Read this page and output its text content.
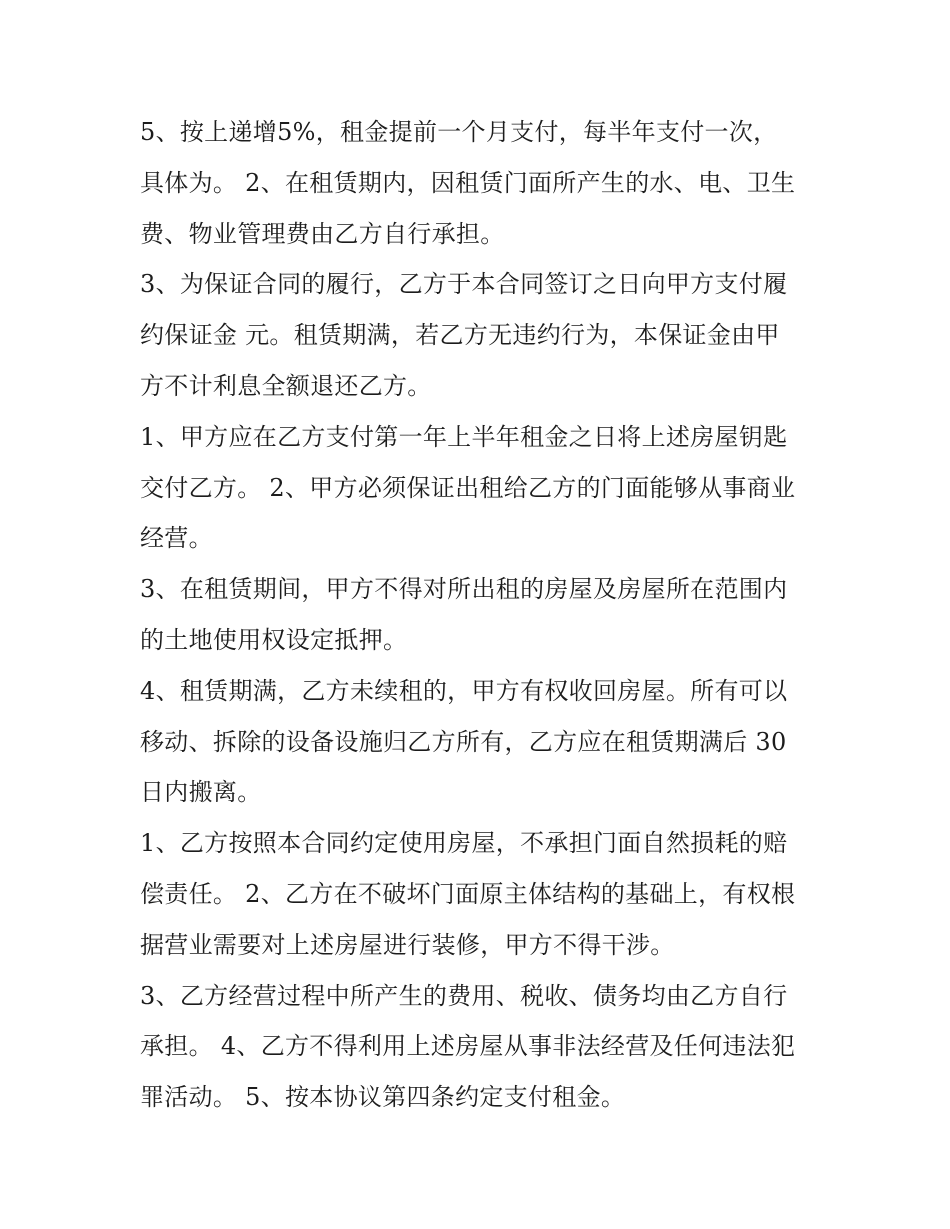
5、按上递增5%，租金提前一个月支付，每半年支付一次，
具体为。 2、在租赁期内，因租赁门面所产生的水、电、卫生
费、物业管理费由乙方自行承担。
3、为保证合同的履行，乙方于本合同签订之日向甲方支付履
约保证金 元。租赁期满，若乙方无违约行为，本保证金由甲
方不计利息全额退还乙方。
1、甲方应在乙方支付第一年上半年租金之日将上述房屋钥匙
交付乙方。 2、甲方必须保证出租给乙方的门面能够从事商业
经营。
3、在租赁期间，甲方不得对所出租的房屋及房屋所在范围内
的土地使用权设定抵押。
4、租赁期满，乙方未续租的，甲方有权收回房屋。所有可以
移动、拆除的设备设施归乙方所有，乙方应在租赁期满后 30
日内搬离。
1、乙方按照本合同约定使用房屋，不承担门面自然损耗的赔
偿责任。 2、乙方在不破坏门面原主体结构的基础上，有权根
据营业需要对上述房屋进行装修，甲方不得干涉。
3、乙方经营过程中所产生的费用、税收、债务均由乙方自行
承担。 4、乙方不得利用上述房屋从事非法经营及任何违法犯
罪活动。 5、按本协议第四条约定支付租金。
